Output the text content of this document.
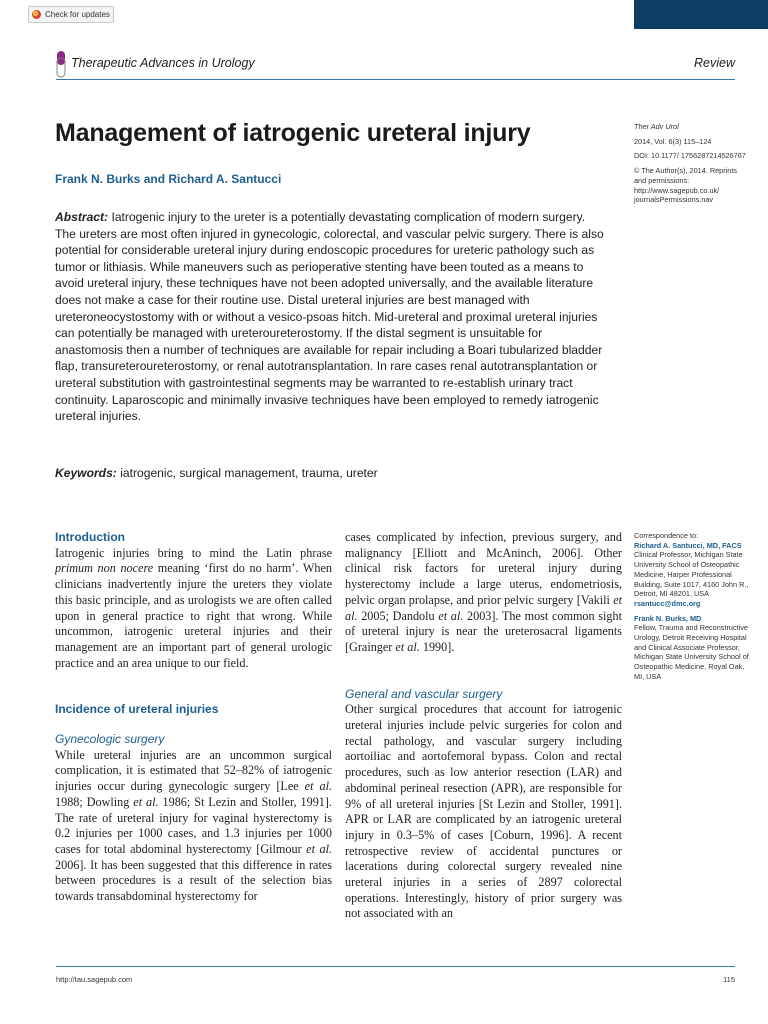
Check for updates
Therapeutic Advances in Urology	Review
Management of iatrogenic ureteral injury
Frank N. Burks and Richard A. Santucci
Abstract: Iatrogenic injury to the ureter is a potentially devastating complication of modern surgery. The ureters are most often injured in gynecologic, colorectal, and vascular pelvic surgery. There is also potential for considerable ureteral injury during endoscopic procedures for ureteric pathology such as tumor or lithiasis. While maneuvers such as perioperative stenting have been touted as a means to avoid ureteral injury, these techniques have not been adopted universally, and the available literature does not make a case for their routine use. Distal ureteral injuries are best managed with ureteroneocystostomy with or without a vesico-psoas hitch. Mid-ureteral and proximal ureteral injuries can potentially be managed with ureteroureterostomy. If the distal segment is unsuitable for anastomosis then a number of techniques are available for repair including a Boari tubularized bladder flap, transureteroureterostomy, or renal autotransplantation. In rare cases renal autotransplantation or ureteral substitution with gastrointestinal segments may be warranted to re-establish urinary tract continuity. Laparoscopic and minimally invasive techniques have been employed to remedy iatrogenic ureteral injuries.
Keywords: iatrogenic, surgical management, trauma, ureter

Ther Adv Urol

2014, Vol. 6(3) 115–124

DOI: 10.1177/ 1756287214526767

© The Author(s), 2014. Reprints and permissions: http://www.sagepub.co.uk/ journalsPermissions.nav

Correspondence to:

Richard A. Santucci, MD, FACS

Clinical Professor, Michigan State University School of Osteopathic Medicine, Harper Professional Building, Suite 1017, 4160 John R., Detroit, MI 48201, USA

rsantucc@dmc.org

Frank N. Burks, MD

Fellow, Trauma and Reconstructive Urology, Detroit Receiving Hospital and Clinical Associate Professor, Michigan State University School of Osteopathic Medicine, Royal Oak, MI, USA

Introduction

Iatrogenic injuries bring to mind the Latin phrase primum non nocere meaning ‘first do no harm’. When clinicians inadvertently injure the ureters they violate this basic principle, and as urologists we are often called upon in general practice to right that wrong. While uncommon, iatrogenic ureteral injuries and their management are an important part of general urologic practice and an area unique to our field.

Incidence of ureteral injuries

Gynecologic surgery

While ureteral injuries are an uncommon surgical complication, it is estimated that 52–82% of iatrogenic injuries occur during gynecologic surgery [Lee et al. 1988; Dowling et al. 1986; St Lezin and Stoller, 1991]. The rate of ureteral injury for vaginal hysterectomy is 0.2 injuries per 1000 cases, and 1.3 injuries per 1000 cases for total abdominal hysterectomy [Gilmour et al. 2006]. It has been suggested that this difference in rates between procedures is a result of the selection bias towards transabdominal hysterectomy for

cases complicated by infection, previous surgery, and malignancy [Elliott and McAninch, 2006]. Other clinical risk factors for ureteral injury during hysterectomy include a large uterus, endometriosis, pelvic organ prolapse, and prior pelvic surgery [Vakili et al. 2005; Dandolu et al. 2003]. The most common sight of ureteral injury is near the ureterosacral ligaments [Grainger et al. 1990].

General and vascular surgery

Other surgical procedures that account for iatrogenic ureteral injuries include pelvic surgeries for colon and rectal pathology, and vascular surgery including aortoiliac and aortofemoral bypass. Colon and rectal procedures, such as low anterior resection (LAR) and abdominal perineal resection (APR), are responsible for 9% of all ureteral injuries [St Lezin and Stoller, 1991]. APR or LAR are complicated by an iatrogenic ureteral injury in 0.3–5% of cases [Coburn, 1996]. A recent retrospective review of accidental punctures or lacerations during colorectal surgery revealed nine ureteral injuries in a series of 2897 colorectal operations. Interestingly, history of prior surgery was not associated with an

http://tau.sagepub.com	115
